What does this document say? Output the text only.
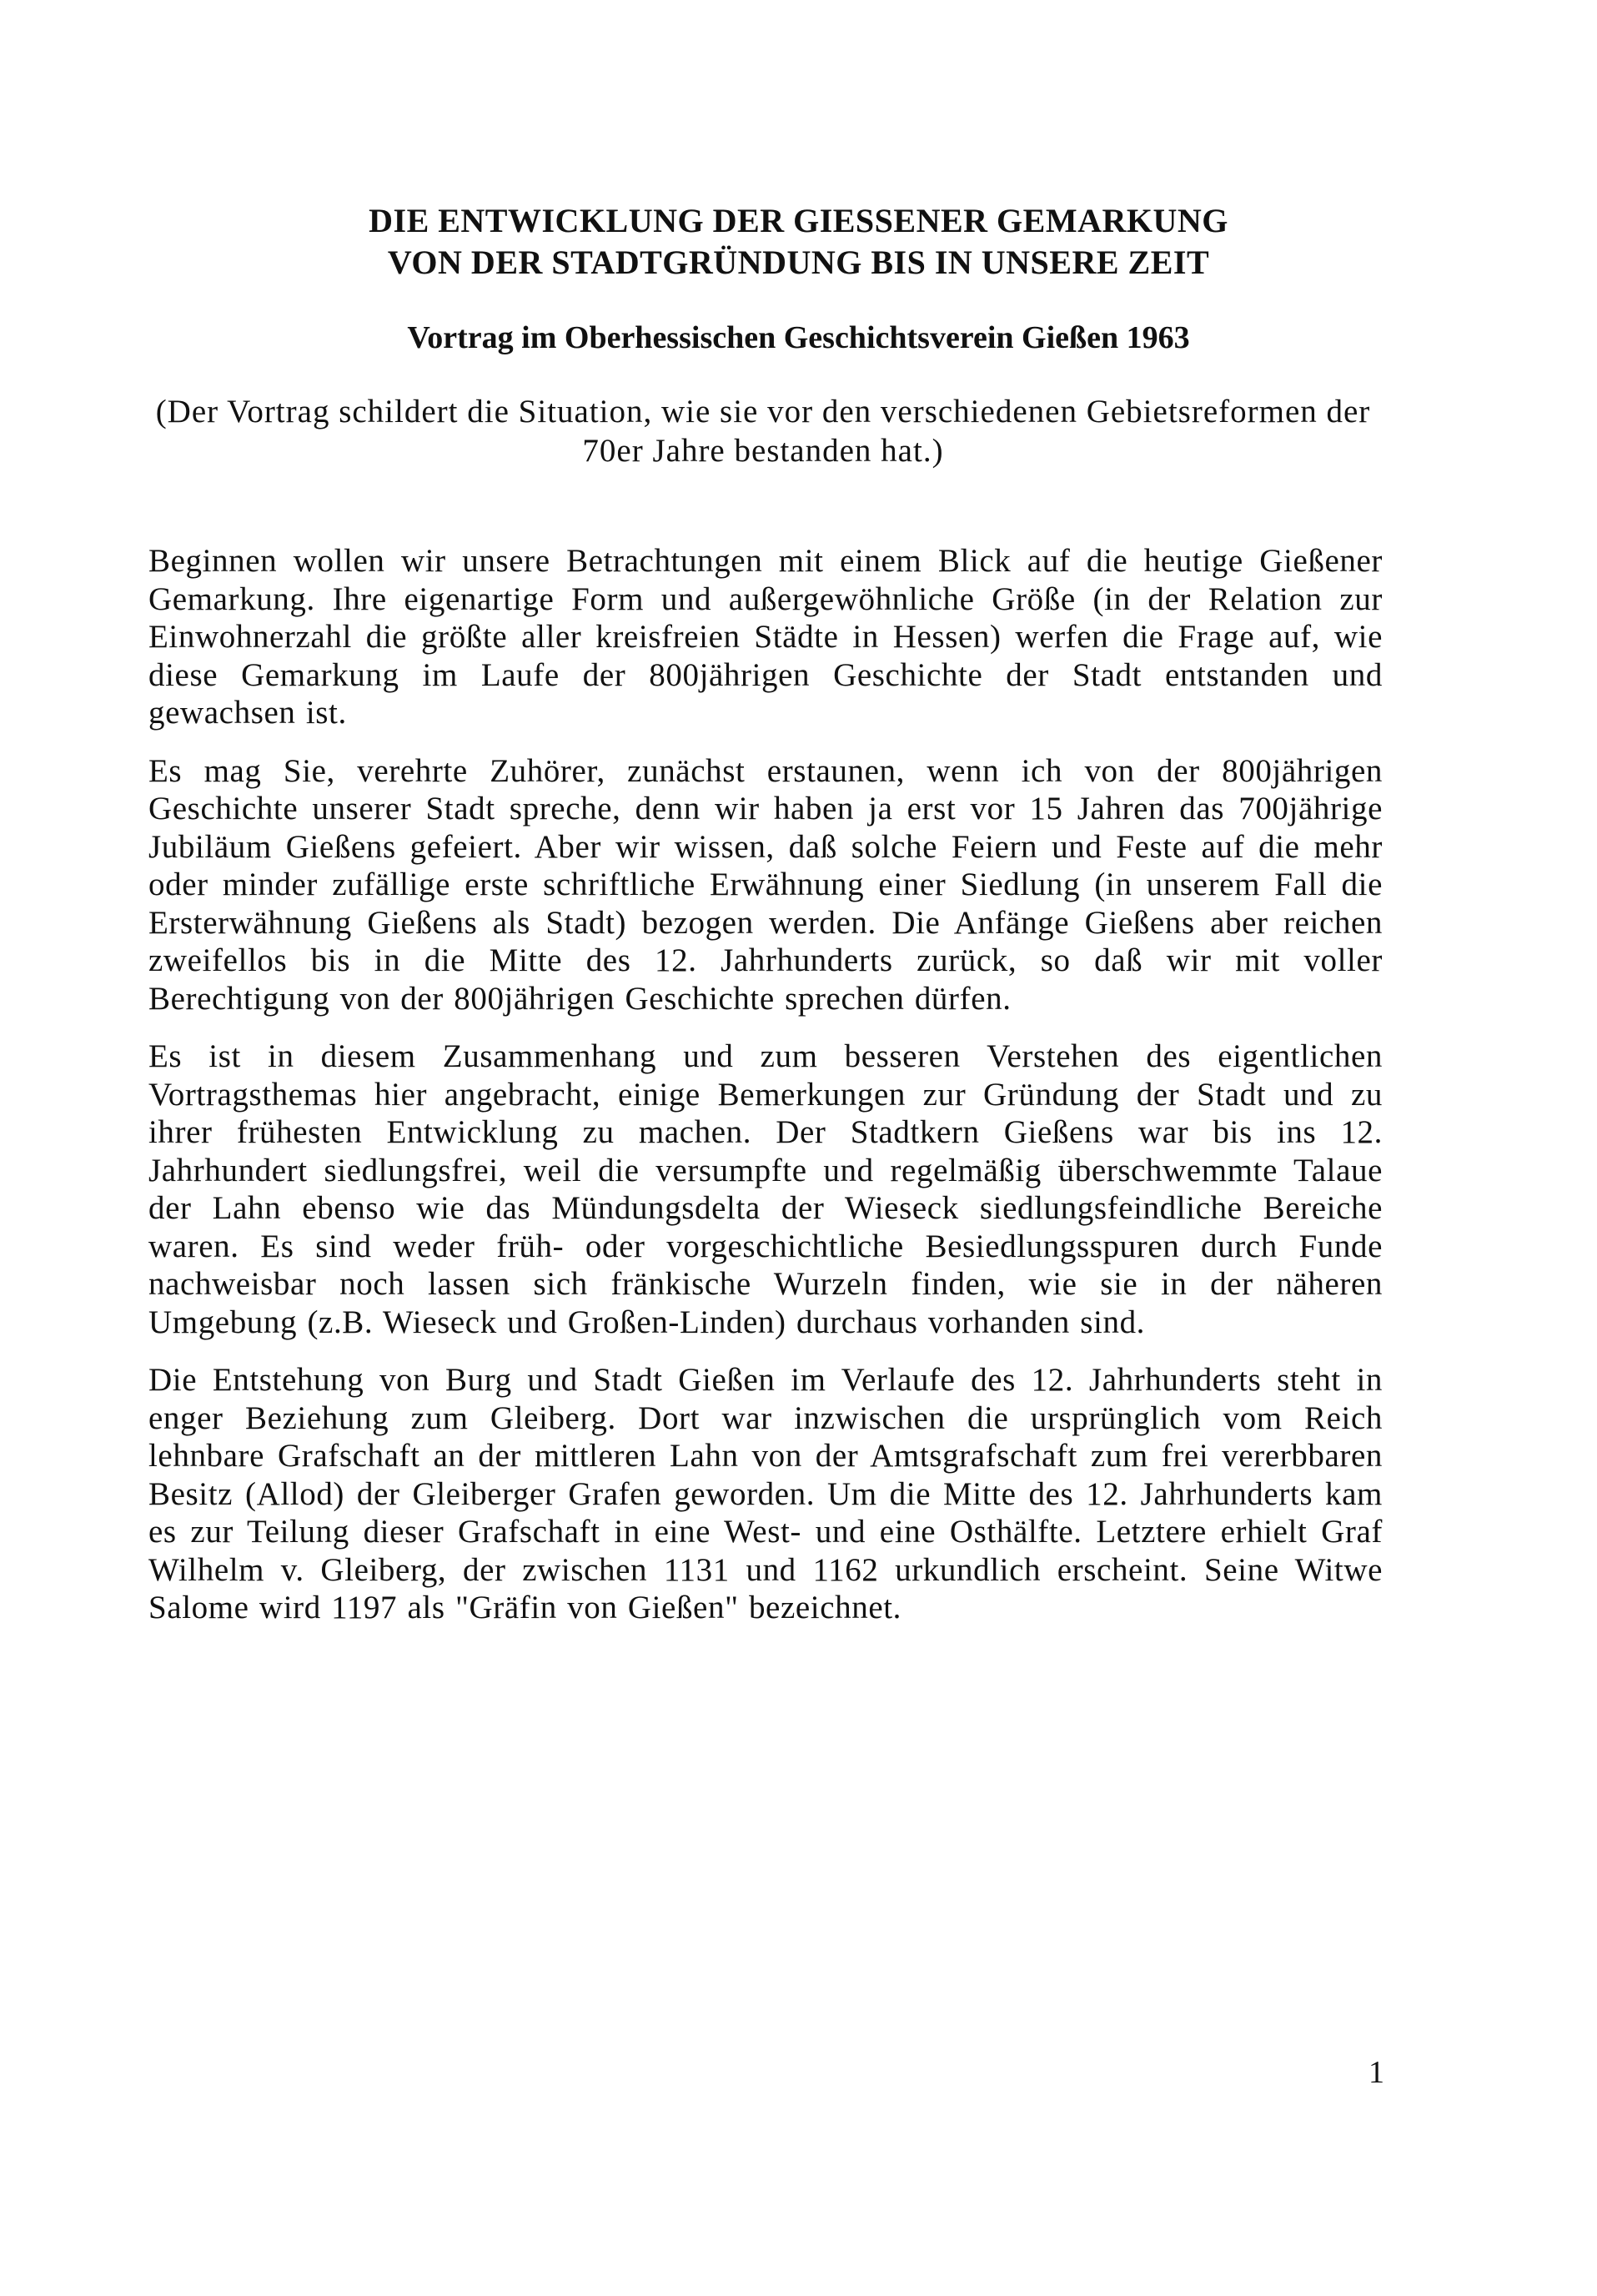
DIE ENTWICKLUNG DER GIESSENER GEMARKUNG
VON DER STADTGRÜNDUNG BIS IN UNSERE ZEIT
Vortrag im Oberhessischen Geschichtsverein Gießen 1963

(Der Vortrag schildert die Situation, wie sie vor den verschiedenen Gebietsreformen der 70er Jahre bestanden hat.)

Beginnen wollen wir unsere Betrachtungen mit einem Blick auf die heutige Gießener Gemarkung. Ihre eigenartige Form und außergewöhnliche Größe (in der Relation zur Einwohnerzahl die größte aller kreisfreien Städte in Hessen) werfen die Frage auf, wie diese Gemarkung im Laufe der 800jährigen Geschichte der Stadt entstanden und gewachsen ist.

Es mag Sie, verehrte Zuhörer, zunächst erstaunen, wenn ich von der 800jährigen Geschichte unserer Stadt spreche, denn wir haben ja erst vor 15 Jahren das 700jährige Jubiläum Gießens gefeiert. Aber wir wissen, daß solche Feiern und Feste auf die mehr oder minder zufällige erste schriftliche Erwähnung einer Siedlung (in unserem Fall die Ersterwähnung Gießens als Stadt) bezogen werden. Die Anfänge Gießens aber reichen zweifellos bis in die Mitte des 12. Jahrhunderts zurück, so daß wir mit voller Berechtigung von der 800jährigen Geschichte sprechen dürfen.

Es ist in diesem Zusammenhang und zum besseren Verstehen des eigentlichen Vortragsthemas hier angebracht, einige Bemerkungen zur Gründung der Stadt und zu ihrer frühesten Entwicklung zu machen. Der Stadtkern Gießens war bis ins 12. Jahrhundert siedlungsfrei, weil die versumpfte und regelmäßig überschwemmte Talaue der Lahn ebenso wie das Mündungsdelta der Wieseck siedlungsfeindliche Bereiche waren. Es sind weder früh- oder vorgeschichtliche Besiedlungsspuren durch Funde nachweisbar noch lassen sich fränkische Wurzeln finden, wie sie in der näheren Umgebung (z.B. Wieseck und Großen-Linden) durchaus vorhanden sind.

Die Entstehung von Burg und Stadt Gießen im Verlaufe des 12. Jahrhunderts steht in enger Beziehung zum Gleiberg. Dort war inzwischen die ursprünglich vom Reich lehnbare Grafschaft an der mittleren Lahn von der Amtsgrafschaft zum frei vererbbaren Besitz (Allod) der Gleiberger Grafen geworden. Um die Mitte des 12. Jahrhunderts kam es zur Teilung dieser Grafschaft in eine West- und eine Osthälfte. Letztere erhielt Graf Wilhelm v. Gleiberg, der zwischen 1131 und 1162 urkundlich erscheint. Seine Witwe Salome wird 1197 als "Gräfin von Gießen" bezeichnet.

1
